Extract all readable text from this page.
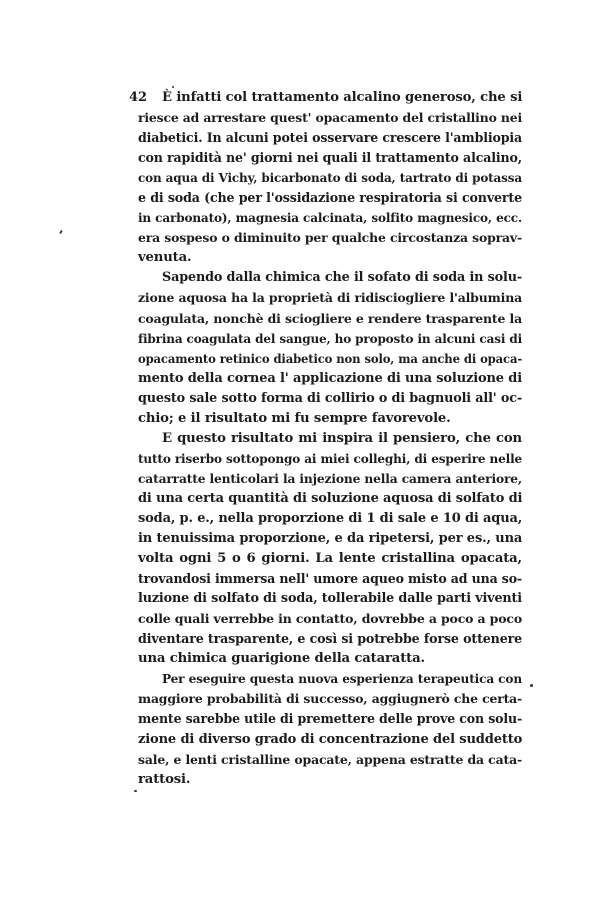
42	È infatti col trattamento alcalino generoso, che si
riesce ad arrestare quest' opacamento del cristallino nei
diabetici. In alcuni potei osservare crescere l'ambliopia
con rapidità ne' giorni nei quali il trattamento alcalino,
con aqua di Vichy, bicarbonato di soda, tartrato di potassa
e di soda (che per l'ossidazione respiratoria si converte
in carbonato), magnesia calcinata, solfito magnesico, ecc.
era sospeso o diminuito per qualche circostanza soprav-
venuta.
Sapendo dalla chimica che il sofato di soda in solu-
zione aquosa ha la proprietà di ridisciogliere l'albumina
coagulata, nonchè di sciogliere e rendere trasparente la
fibrina coagulata del sangue, ho proposto in alcuni casi di
opacamento retinico diabetico non solo, ma anche di opaca-
mento della cornea l' applicazione di una soluzione di
questo sale sotto forma di collirio o di bagnuoli all' oc-
chio; e il risultato mi fu sempre favorevole.
E questo risultato mi inspira il pensiero, che con
tutto riserbo sottopongo ai miei colleghi, di esperire nelle
catarratte lenticolari la injezione nella camera anteriore,
di una certa quantità di soluzione aquosa di solfato di
soda, p. e., nella proporzione di 1 di sale e 10 di aqua,
in tenuissima proporzione, e da ripetersi, per es., una
volta ogni 5 o 6 giorni. La lente cristallina opacata,
trovandosi immersa nell' umore aqueo misto ad una so-
luzione di solfato di soda, tollerabile dalle parti viventi
colle quali verrebbe in contatto, dovrebbe a poco a poco
diventare trasparente, e così si potrebbe forse ottenere
una chimica guarigione della cataratta.
Per eseguire questa nuova esperienza terapeutica con
maggiore probabilità di successo, aggiugnerò che certa-
mente sarebbe utile di premettere delle prove con solu-
zione di diverso grado di concentrazione del suddetto
sale, e lenti cristalline opacate, appena estratte da cata-
rattosi.
